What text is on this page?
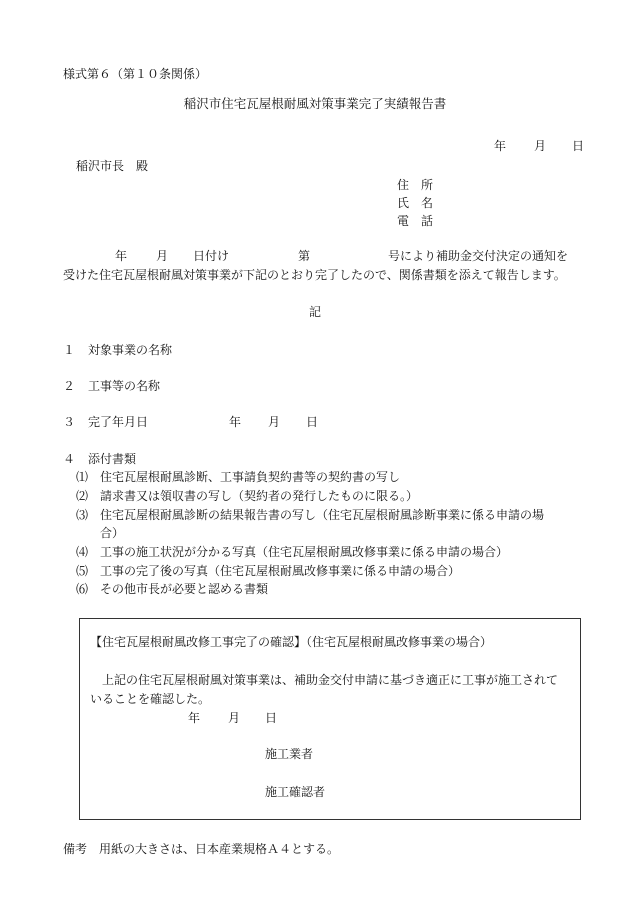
様式第６（第１０条関係）
稲沢市住宅瓦屋根耐風対策事業完了実績報告書
年 月 日
稲沢市長　殿
住　所
氏　名
電　話
年 月 日付け	第	号により補助金交付決定の通知を
受けた住宅瓦屋根耐風対策事業が下記のとおり完了したので、関係書類を添えて報告します。
記
１ 対象事業の名称
２ 工事等の名称
３ 完了年月日	年 月 日
４ 添付書類
⑴ 住宅瓦屋根耐風診断、工事請負契約書等の契約書の写し
⑵ 請求書又は領収書の写し（契約者の発行したものに限る。）
⑶ 住宅瓦屋根耐風診断の結果報告書の写し（住宅瓦屋根耐風診断事業に係る申請の場
合）
⑷ 工事の施工状況が分かる写真（住宅瓦屋根耐風改修事業に係る申請の場合）
⑸ 工事の完了後の写真（住宅瓦屋根耐風改修事業に係る申請の場合）
⑹ その他市長が必要と認める書類
【住宅瓦屋根耐風改修工事完了の確認】（住宅瓦屋根耐風改修事業の場合）
上記の住宅瓦屋根耐風対策事業は、補助金交付申請に基づき適正に工事が施工されて
いることを確認した。
年 月 日
施工業者
施工確認者
備考　用紙の大きさは、日本産業規格Ａ４とする。
